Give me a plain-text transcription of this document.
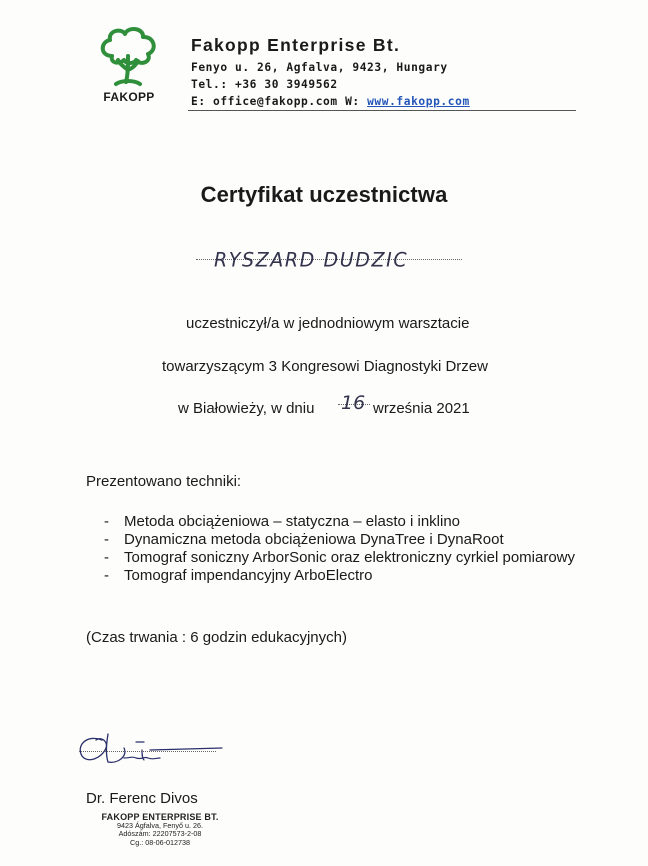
FAKOPP
Fakopp Enterprise Bt.
Fenyo u. 26, Agfalva, 9423, Hungary
Tel.: +36 30 3949562
E: office@fakopp.com W: www.fakopp.com
Certyfikat uczestnictwa
RYSZARD DUDZIC
uczestniczył/a w jednodniowym warsztacie
towarzyszącym 3 Kongresowi Diagnostyki Drzew
w Białowieży, w dniu 16 września 2021
Prezentowano techniki:
- Metoda obciążeniowa – statyczna – elasto i inklino
- Dynamiczna metoda obciążeniowa DynaTree i DynaRoot
- Tomograf soniczny ArborSonic oraz elektroniczny cyrkiel pomiarowy
- Tomograf impendancyjny ArboElectro
(Czas trwania : 6 godzin edukacyjnych)
Dr. Ferenc Divos
FAKOPP ENTERPRISE BT.
9423 Ágfalva, Fenyő u. 26.
Adószám: 22207573-2-08
Cg.: 08-06-012738
